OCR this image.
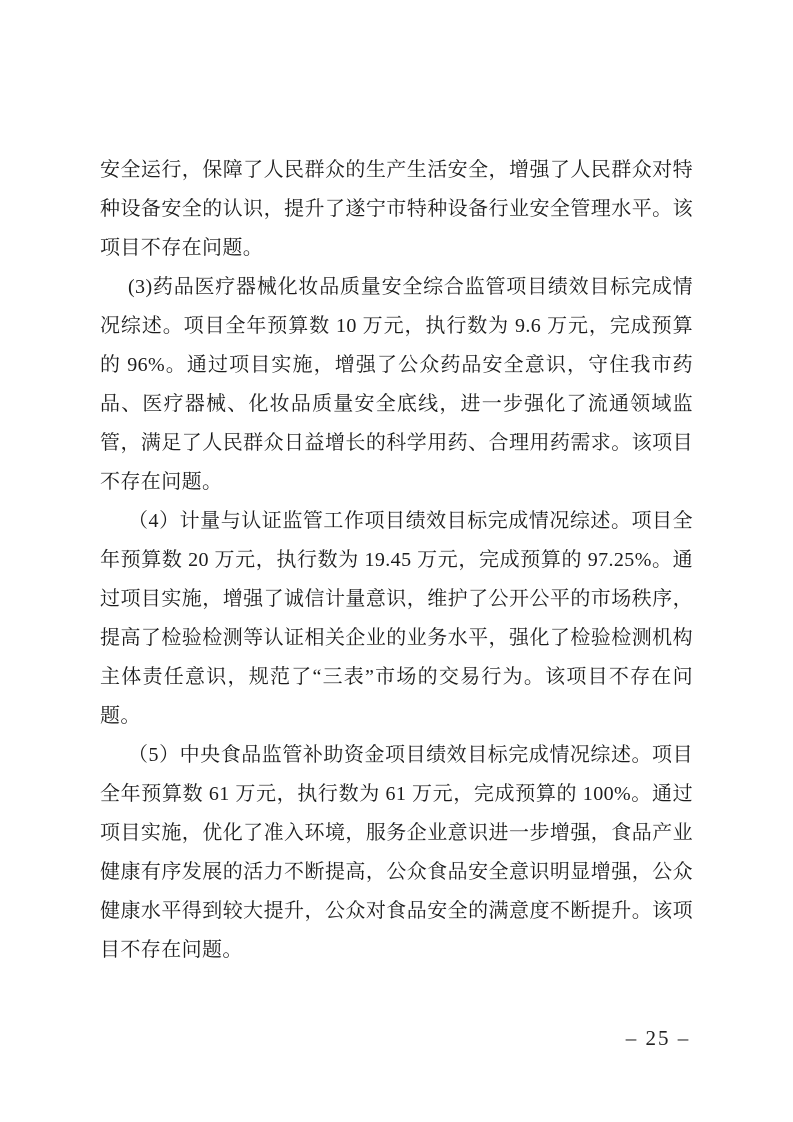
安全运行，保障了人民群众的生产生活安全，增强了人民群众对特种设备安全的认识，提升了遂宁市特种设备行业安全管理水平。该项目不存在问题。

(3)药品医疗器械化妆品质量安全综合监管项目绩效目标完成情况综述。项目全年预算数 10 万元，执行数为 9.6 万元，完成预算的 96%。通过项目实施，增强了公众药品安全意识，守住我市药品、医疗器械、化妆品质量安全底线，进一步强化了流通领域监管，满足了人民群众日益增长的科学用药、合理用药需求。该项目不存在问题。

（4）计量与认证监管工作项目绩效目标完成情况综述。项目全年预算数 20 万元，执行数为 19.45 万元，完成预算的 97.25%。通过项目实施，增强了诚信计量意识，维护了公开公平的市场秩序，提高了检验检测等认证相关企业的业务水平，强化了检验检测机构主体责任意识，规范了“三表”市场的交易行为。该项目不存在问题。

（5）中央食品监管补助资金项目绩效目标完成情况综述。项目全年预算数 61 万元，执行数为 61 万元，完成预算的 100%。通过项目实施，优化了准入环境，服务企业意识进一步增强，食品产业健康有序发展的活力不断提高，公众食品安全意识明显增强，公众健康水平得到较大提升，公众对食品安全的满意度不断提升。该项目不存在问题。

– 25 –
